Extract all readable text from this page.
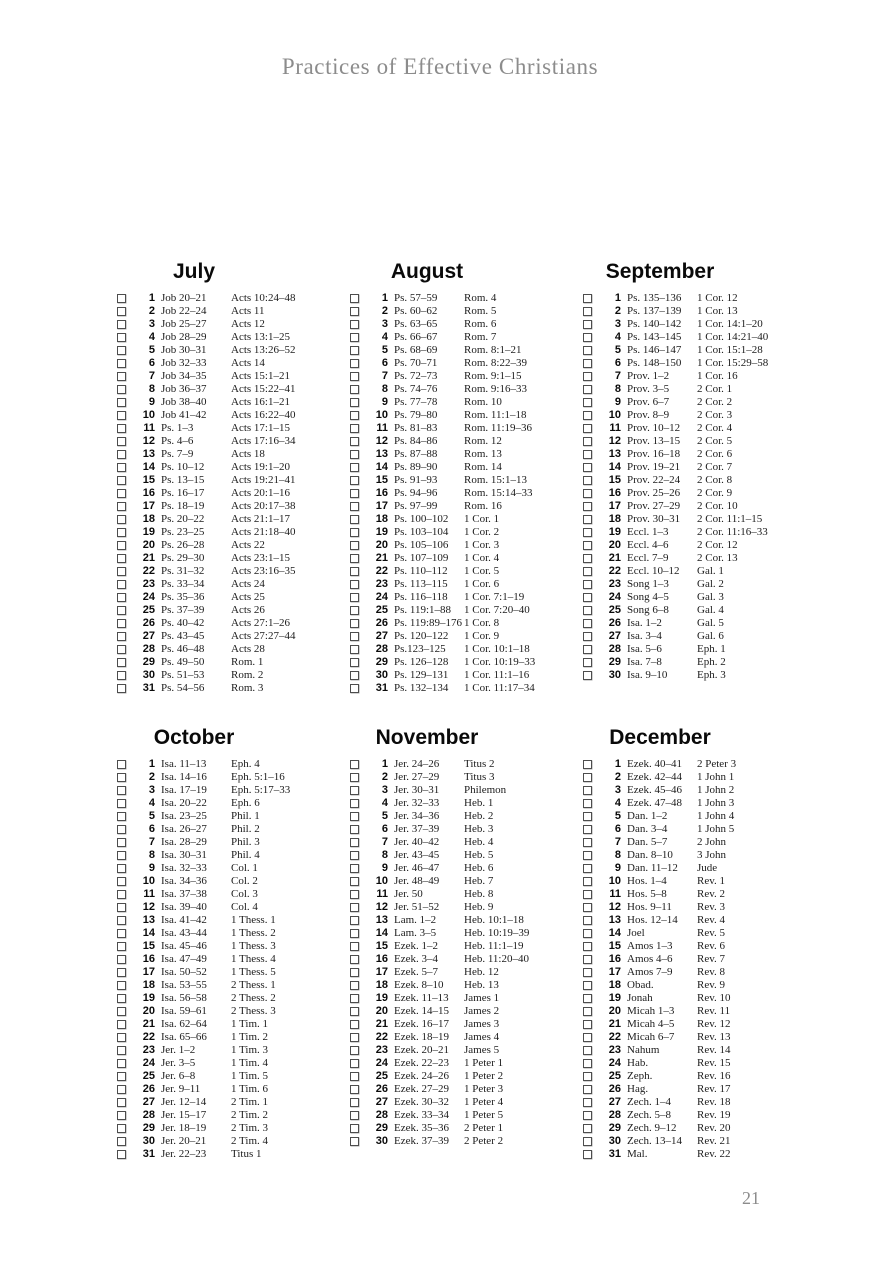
Practices of Effective Christians
July
1 Job 20–21	Acts 10:24–48
2 Job 22–24	Acts 11
3 Job 25–27	Acts 12
4 Job 28–29	Acts 13:1–25
5 Job 30–31	Acts 13:26–52
6 Job 32–33	Acts 14
7 Job 34–35	Acts 15:1–21
8 Job 36–37	Acts 15:22–41
9 Job 38–40	Acts 16:1–21
10 Job 41–42	Acts 16:22–40
11 Ps. 1–3	Acts 17:1–15
12 Ps. 4–6	Acts 17:16–34
13 Ps. 7–9	Acts 18
14 Ps. 10–12	Acts 19:1–20
15 Ps. 13–15	Acts 19:21–41
16 Ps. 16–17	Acts 20:1–16
17 Ps. 18–19	Acts 20:17–38
18 Ps. 20–22	Acts 21:1–17
19 Ps. 23–25	Acts 21:18–40
20 Ps. 26–28	Acts 22
21 Ps. 29–30	Acts 23:1–15
22 Ps. 31–32	Acts 23:16–35
23 Ps. 33–34	Acts 24
24 Ps. 35–36	Acts 25
25 Ps. 37–39	Acts 26
26 Ps. 40–42	Acts 27:1–26
27 Ps. 43–45	Acts 27:27–44
28 Ps. 46–48	Acts 28
29 Ps. 49–50	Rom. 1
30 Ps. 51–53	Rom. 2
31 Ps. 54–56	Rom. 3
August
1 Ps. 57–59	Rom. 4
2 Ps. 60–62	Rom. 5
3 Ps. 63–65	Rom. 6
4 Ps. 66–67	Rom. 7
5 Ps. 68–69	Rom. 8:1–21
6 Ps. 70–71	Rom. 8:22–39
7 Ps. 72–73	Rom. 9:1–15
8 Ps. 74–76	Rom. 9:16–33
9 Ps. 77–78	Rom. 10
10 Ps. 79–80	Rom. 11:1–18
11 Ps. 81–83	Rom. 11:19–36
12 Ps. 84–86	Rom. 12
13 Ps. 87–88	Rom. 13
14 Ps. 89–90	Rom. 14
15 Ps. 91–93	Rom. 15:1–13
16 Ps. 94–96	Rom. 15:14–33
17 Ps. 97–99	Rom. 16
18 Ps. 100–102	1 Cor. 1
19 Ps. 103–104	1 Cor. 2
20 Ps. 105–106	1 Cor. 3
21 Ps. 107–109	1 Cor. 4
22 Ps. 110–112	1 Cor. 5
23 Ps. 113–115	1 Cor. 6
24 Ps. 116–118	1 Cor. 7:1–19
25 Ps. 119:1–88	1 Cor. 7:20–40
26 Ps. 119:89–176 1 Cor. 8
27 Ps. 120–122	1 Cor. 9
28 Ps.123–125	1 Cor. 10:1–18
29 Ps. 126–128	1 Cor. 10:19–33
30 Ps. 129–131	1 Cor. 11:1–16
31 Ps. 132–134	1 Cor. 11:17–34
September
1 Ps. 135–136	1 Cor. 12
2 Ps. 137–139	1 Cor. 13
3 Ps. 140–142	1 Cor. 14:1–20
4 Ps. 143–145	1 Cor. 14:21–40
5 Ps. 146–147	1 Cor. 15:1–28
6 Ps. 148–150	1 Cor. 15:29–58
7 Prov. 1–2	1 Cor. 16
8 Prov. 3–5	2 Cor. 1
9 Prov. 6–7	2 Cor. 2
10 Prov. 8–9	2 Cor. 3
11 Prov. 10–12	2 Cor. 4
12 Prov. 13–15	2 Cor. 5
13 Prov. 16–18	2 Cor. 6
14 Prov. 19–21	2 Cor. 7
15 Prov. 22–24	2 Cor. 8
16 Prov. 25–26	2 Cor. 9
17 Prov. 27–29	2 Cor. 10
18 Prov. 30–31	2 Cor. 11:1–15
19 Eccl. 1–3	2 Cor. 11:16–33
20 Eccl. 4–6	2 Cor. 12
21 Eccl. 7–9	2 Cor. 13
22 Eccl. 10–12	Gal. 1
23 Song 1–3	Gal. 2
24 Song 4–5	Gal. 3
25 Song 6–8	Gal. 4
26 Isa. 1–2	Gal. 5
27 Isa. 3–4	Gal. 6
28 Isa. 5–6	Eph. 1
29 Isa. 7–8	Eph. 2
30 Isa. 9–10	Eph. 3
October
1 Isa. 11–13	Eph. 4
2 Isa. 14–16	Eph. 5:1–16
3 Isa. 17–19	Eph. 5:17–33
4 Isa. 20–22	Eph. 6
5 Isa. 23–25	Phil. 1
6 Isa. 26–27	Phil. 2
7 Isa. 28–29	Phil. 3
8 Isa. 30–31	Phil. 4
9 Isa. 32–33	Col. 1
10 Isa. 34–36	Col. 2
11 Isa. 37–38	Col. 3
12 Isa. 39–40	Col. 4
13 Isa. 41–42	1 Thess. 1
14 Isa. 43–44	1 Thess. 2
15 Isa. 45–46	1 Thess. 3
16 Isa. 47–49	1 Thess. 4
17 Isa. 50–52	1 Thess. 5
18 Isa. 53–55	2 Thess. 1
19 Isa. 56–58	2 Thess. 2
20 Isa. 59–61	2 Thess. 3
21 Isa. 62–64	1 Tim. 1
22 Isa. 65–66	1 Tim. 2
23 Jer. 1–2	1 Tim. 3
24 Jer. 3–5	1 Tim. 4
25 Jer. 6–8	1 Tim. 5
26 Jer. 9–11	1 Tim. 6
27 Jer. 12–14	2 Tim. 1
28 Jer. 15–17	2 Tim. 2
29 Jer. 18–19	2 Tim. 3
30 Jer. 20–21	2 Tim. 4
31 Jer. 22–23	Titus 1
November
1 Jer. 24–26	Titus 2
2 Jer. 27–29	Titus 3
3 Jer. 30–31	Philemon
4 Jer. 32–33	Heb. 1
5 Jer. 34–36	Heb. 2
6 Jer. 37–39	Heb. 3
7 Jer. 40–42	Heb. 4
8 Jer. 43–45	Heb. 5
9 Jer. 46–47	Heb. 6
10 Jer. 48–49	Heb. 7
11 Jer. 50	Heb. 8
12 Jer. 51–52	Heb. 9
13 Lam. 1–2	Heb. 10:1–18
14 Lam. 3–5	Heb. 10:19–39
15 Ezek. 1–2	Heb. 11:1–19
16 Ezek. 3–4	Heb. 11:20–40
17 Ezek. 5–7	Heb. 12
18 Ezek. 8–10	Heb. 13
19 Ezek. 11–13	James 1
20 Ezek. 14–15	James 2
21 Ezek. 16–17	James 3
22 Ezek. 18–19	James 4
23 Ezek. 20–21	James 5
24 Ezek. 22–23	1 Peter 1
25 Ezek. 24–26	1 Peter 2
26 Ezek. 27–29	1 Peter 3
27 Ezek. 30–32	1 Peter 4
28 Ezek. 33–34	1 Peter 5
29 Ezek. 35–36	2 Peter 1
30 Ezek. 37–39	2 Peter 2
December
1 Ezek. 40–41	2 Peter 3
2 Ezek. 42–44	1 John 1
3 Ezek. 45–46	1 John 2
4 Ezek. 47–48	1 John 3
5 Dan. 1–2	1 John 4
6 Dan. 3–4	1 John 5
7 Dan. 5–7	2 John
8 Dan. 8–10	3 John
9 Dan. 11–12	Jude
10 Hos. 1–4	Rev. 1
11 Hos. 5–8	Rev. 2
12 Hos. 9–11	Rev. 3
13 Hos. 12–14	Rev. 4
14 Joel	Rev. 5
15 Amos 1–3	Rev. 6
16 Amos 4–6	Rev. 7
17 Amos 7–9	Rev. 8
18 Obad.	Rev. 9
19 Jonah	Rev. 10
20 Micah 1–3	Rev. 11
21 Micah 4–5	Rev. 12
22 Micah 6–7	Rev. 13
23 Nahum	Rev. 14
24 Hab.	Rev. 15
25 Zeph.	Rev. 16
26 Hag.	Rev. 17
27 Zech. 1–4	Rev. 18
28 Zech. 5–8	Rev. 19
29 Zech. 9–12	Rev. 20
30 Zech. 13–14	Rev. 21
31 Mal.	Rev. 22
21
